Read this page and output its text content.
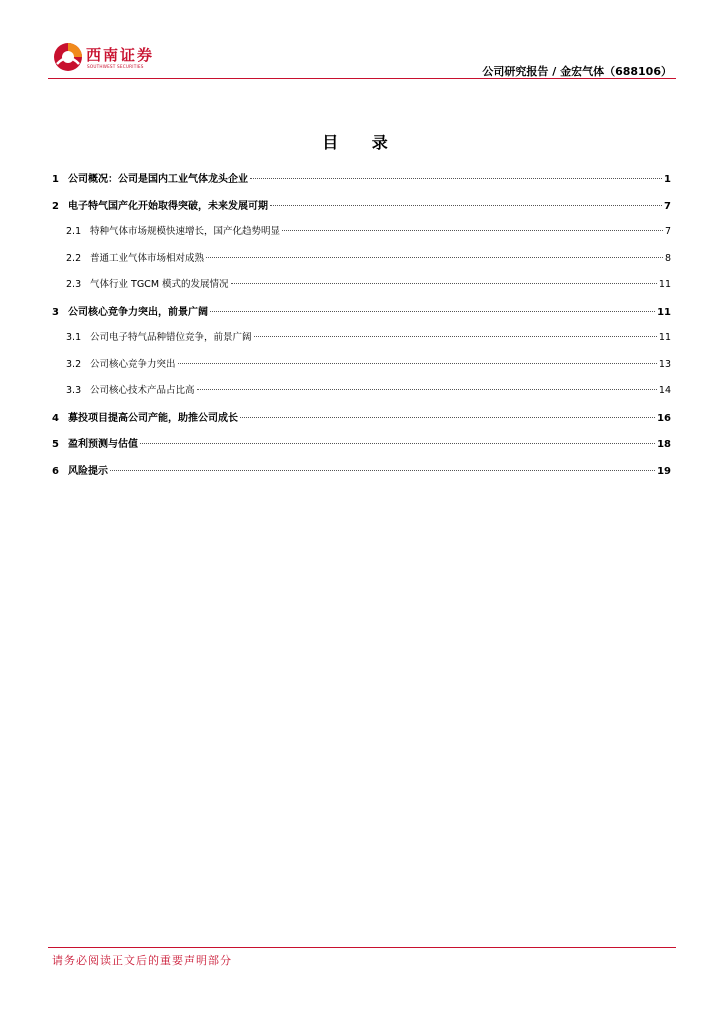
西南证券
SOUTHWEST SECURITIES	公司研究报告 / 金宏气体（688106）
目 录
1 公司概况：公司是国内工业气体龙头企业	1
2 电子特气国产化开始取得突破，未来发展可期	7
2.1 特种气体市场规模快速增长，国产化趋势明显	7
2.2 普通工业气体市场相对成熟	8
2.3 气体行业 TGCM 模式的发展情况	11
3 公司核心竞争力突出，前景广阔	11
3.1 公司电子特气品种错位竞争，前景广阔	11
3.2 公司核心竞争力突出	13
3.3 公司核心技术产品占比高	14
4 募投项目提高公司产能，助推公司成长	16
5 盈利预测与估值	18
6 风险提示	19
请务必阅读正文后的重要声明部分
